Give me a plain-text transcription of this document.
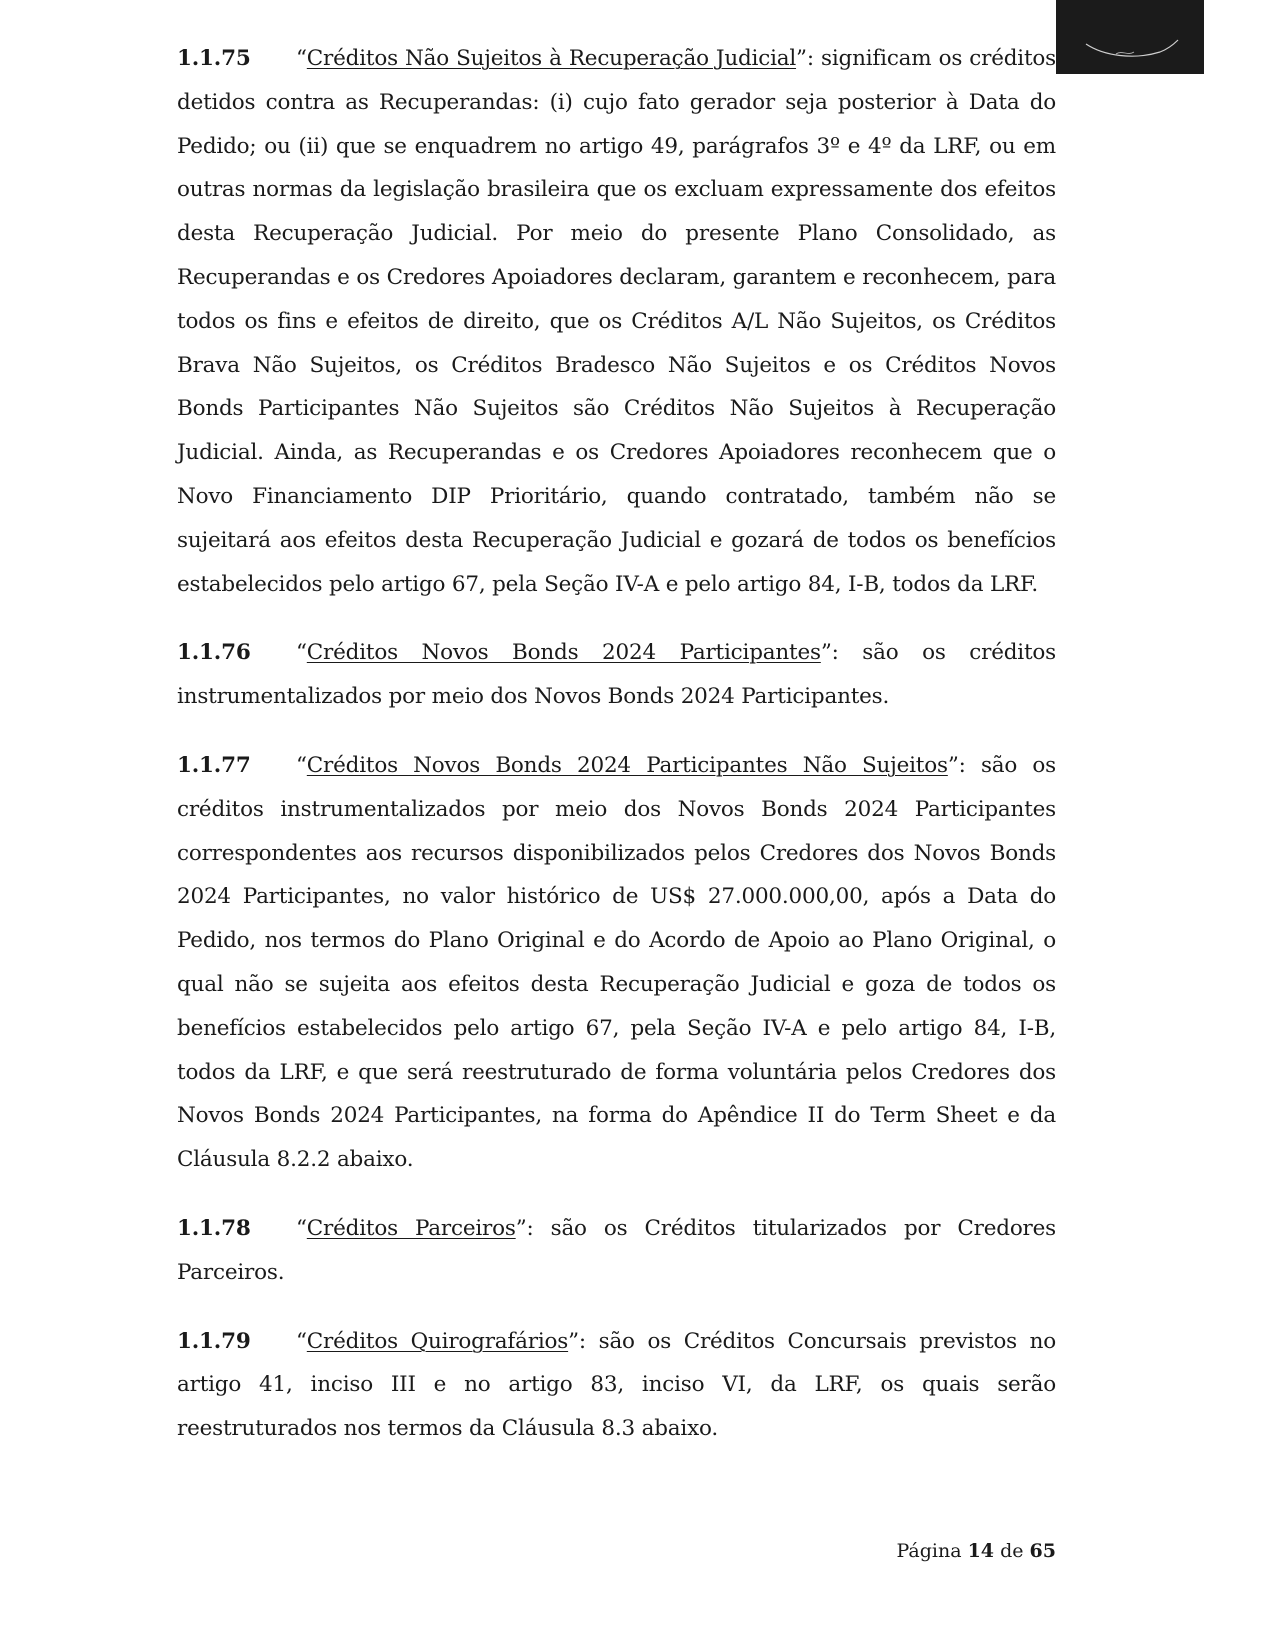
1.1.75 “Créditos Não Sujeitos à Recuperação Judicial”: significam os créditos detidos contra as Recuperandas: (i) cujo fato gerador seja posterior à Data do Pedido; ou (ii) que se enquadrem no artigo 49, parágrafos 3º e 4º da LRF, ou em outras normas da legislação brasileira que os excluam expressamente dos efeitos desta Recuperação Judicial. Por meio do presente Plano Consolidado, as Recuperandas e os Credores Apoiadores declaram, garantem e reconhecem, para todos os fins e efeitos de direito, que os Créditos A/L Não Sujeitos, os Créditos Brava Não Sujeitos, os Créditos Bradesco Não Sujeitos e os Créditos Novos Bonds Participantes Não Sujeitos são Créditos Não Sujeitos à Recuperação Judicial. Ainda, as Recuperandas e os Credores Apoiadores reconhecem que o Novo Financiamento DIP Prioritário, quando contratado, também não se sujeitará aos efeitos desta Recuperação Judicial e gozará de todos os benefícios estabelecidos pelo artigo 67, pela Seção IV-A e pelo artigo 84, I-B, todos da LRF.

1.1.76 “Créditos Novos Bonds 2024 Participantes”: são os créditos instrumentalizados por meio dos Novos Bonds 2024 Participantes.

1.1.77 “Créditos Novos Bonds 2024 Participantes Não Sujeitos”: são os créditos instrumentalizados por meio dos Novos Bonds 2024 Participantes correspondentes aos recursos disponibilizados pelos Credores dos Novos Bonds 2024 Participantes, no valor histórico de US$ 27.000.000,00, após a Data do Pedido, nos termos do Plano Original e do Acordo de Apoio ao Plano Original, o qual não se sujeita aos efeitos desta Recuperação Judicial e goza de todos os benefícios estabelecidos pelo artigo 67, pela Seção IV-A e pelo artigo 84, I-B, todos da LRF, e que será reestruturado de forma voluntária pelos Credores dos Novos Bonds 2024 Participantes, na forma do Apêndice II do Term Sheet e da Cláusula 8.2.2 abaixo.

1.1.78 “Créditos Parceiros”: são os Créditos titularizados por Credores Parceiros.

1.1.79 “Créditos Quirografários”: são os Créditos Concursais previstos no artigo 41, inciso III e no artigo 83, inciso VI, da LRF, os quais serão reestruturados nos termos da Cláusula 8.3 abaixo.

Página 14 de 65
